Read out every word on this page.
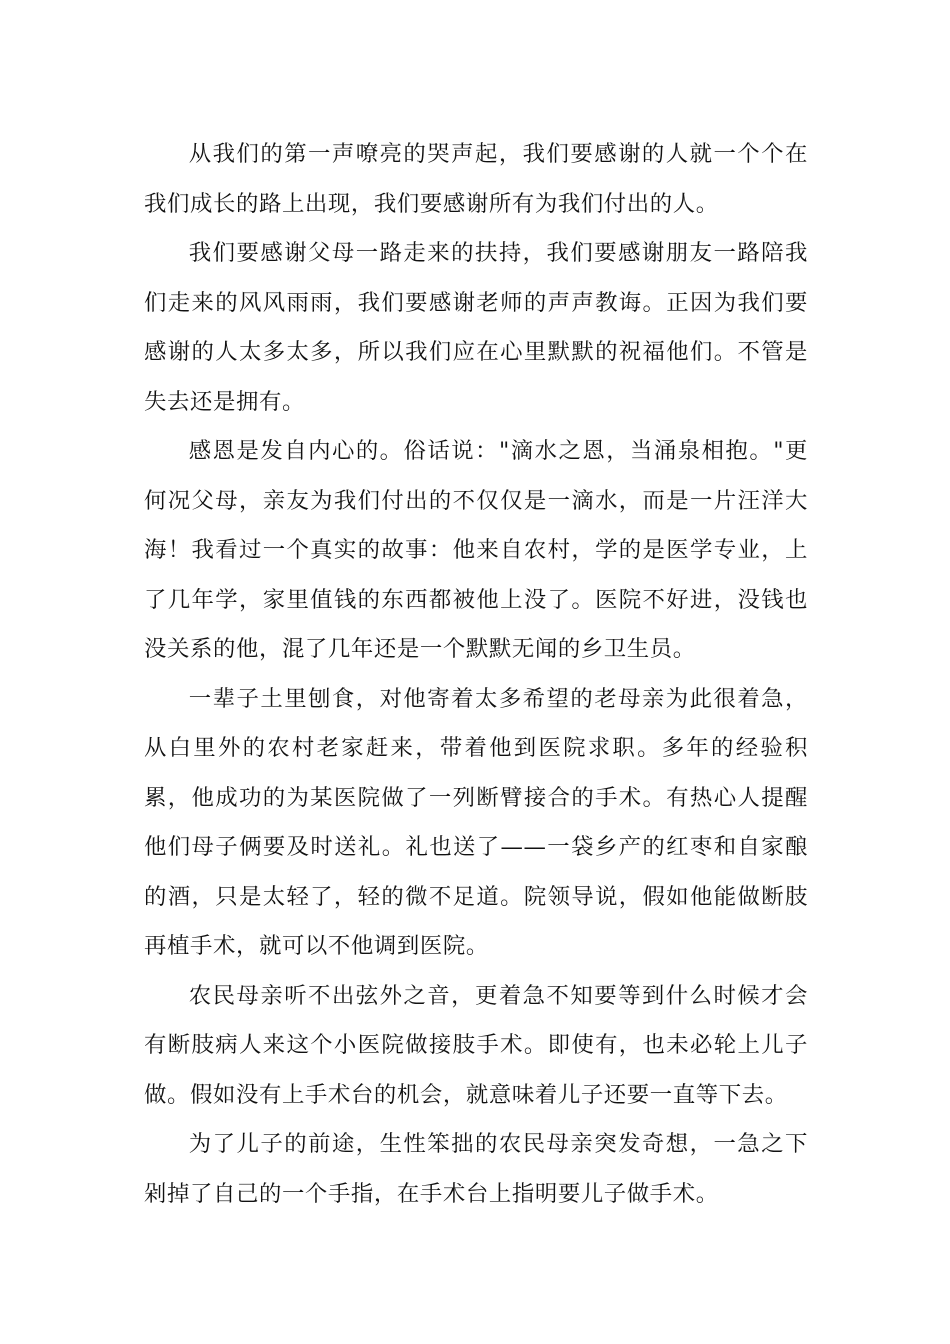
从我们的第一声嘹亮的哭声起，我们要感谢的人就一个个在我们成长的路上出现，我们要感谢所有为我们付出的人。

我们要感谢父母一路走来的扶持，我们要感谢朋友一路陪我们走来的风风雨雨，我们要感谢老师的声声教诲。正因为我们要感谢的人太多太多，所以我们应在心里默默的祝福他们。不管是失去还是拥有。

感恩是发自内心的。俗话说："滴水之恩，当涌泉相抱。"更何况父母，亲友为我们付出的不仅仅是一滴水，而是一片汪洋大海！我看过一个真实的故事：他来自农村，学的是医学专业，上了几年学，家里值钱的东西都被他上没了。医院不好进，没钱也没关系的他，混了几年还是一个默默无闻的乡卫生员。

一辈子土里刨食，对他寄着太多希望的老母亲为此很着急，从白里外的农村老家赶来，带着他到医院求职。多年的经验积累，他成功的为某医院做了一列断臂接合的手术。有热心人提醒他们母子俩要及时送礼。礼也送了——一袋乡产的红枣和自家酿的酒，只是太轻了，轻的微不足道。院领导说，假如他能做断肢再植手术，就可以不他调到医院。

农民母亲听不出弦外之音，更着急不知要等到什么时候才会有断肢病人来这个小医院做接肢手术。即使有，也未必轮上儿子做。假如没有上手术台的机会，就意味着儿子还要一直等下去。

为了儿子的前途，生性笨拙的农民母亲突发奇想，一急之下剁掉了自己的一个手指，在手术台上指明要儿子做手术。
